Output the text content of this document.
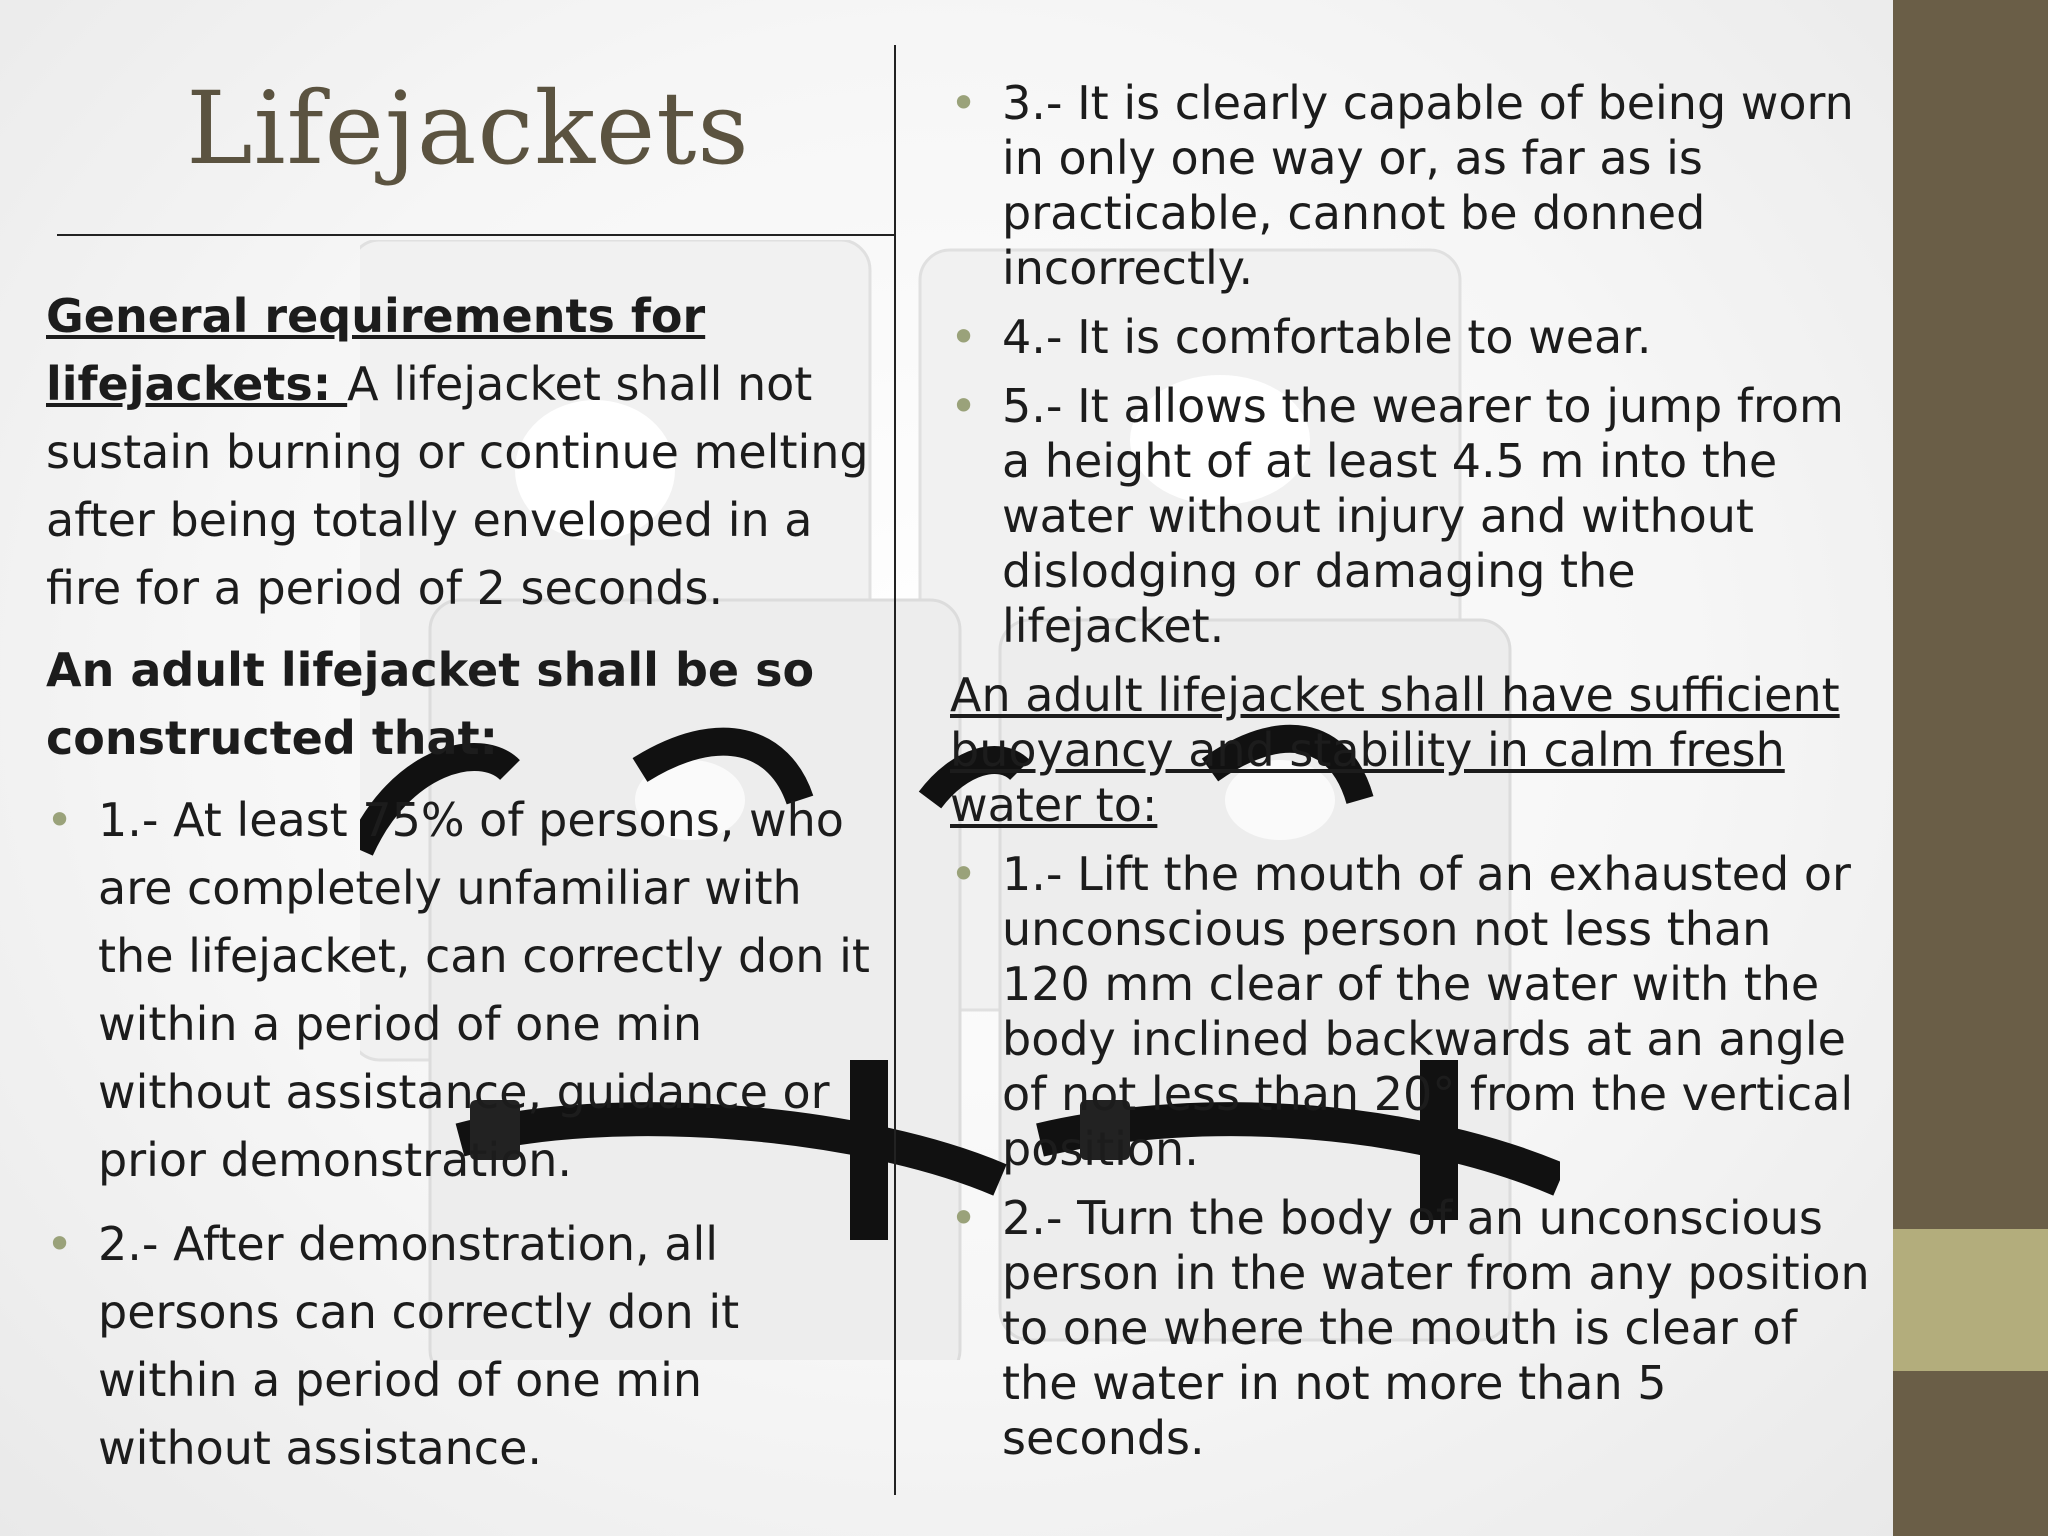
Lifejackets

General requirements for lifejackets: A lifejacket shall not sustain burning or continue melting after being totally enveloped in a fire for a period of 2 seconds.

An adult lifejacket shall be so constructed that:

• 1.- At least 75% of persons, who are completely unfamiliar with the lifejacket, can correctly don it within a period of one min without assistance, guidance or prior demonstration.
• 2.- After demonstration, all persons can correctly don it within a period of one min without assistance.
• 3.- It is clearly capable of being worn in only one way or, as far as is practicable, cannot be donned incorrectly.
• 4.- It is comfortable to wear.
• 5.- It allows the wearer to jump from a height of at least 4.5 m into the water without injury and without dislodging or damaging the lifejacket.

An adult lifejacket shall have sufficient buoyancy and stability in calm fresh water to:

• 1.- Lift the mouth of an exhausted or unconscious person not less than 120 mm clear of the water with the body inclined backwards at an angle of not less than 20° from the vertical position.
• 2.- Turn the body of an unconscious person in the water from any position to one where the mouth is clear of the water in not more than 5 seconds.
